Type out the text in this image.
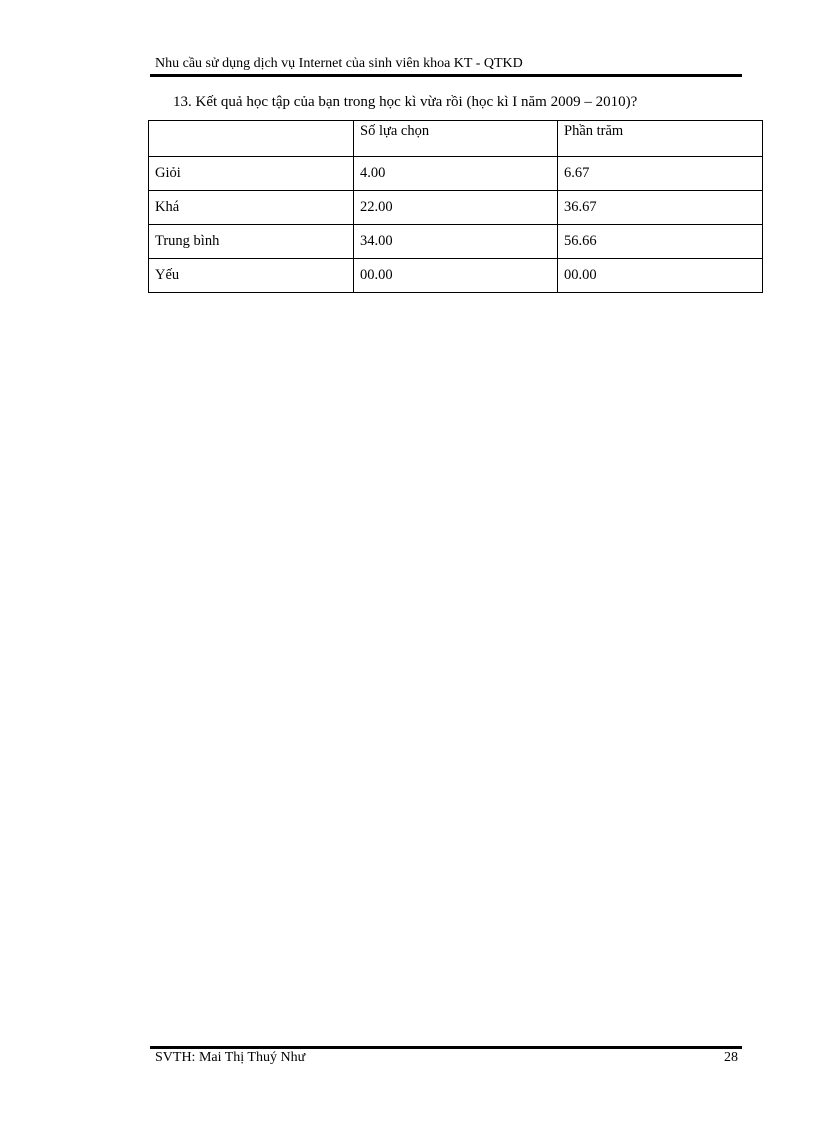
Nhu cầu sử dụng dịch vụ Internet của sinh viên khoa KT - QTKD
13. Kết quả học tập của bạn trong học kì vừa rồi (học kì I năm 2009 – 2010)?
	Số lựa chọn	Phần trăm
Giỏi	4.00	6.67
Khá	22.00	36.67
Trung bình	34.00	56.66
Yếu	00.00	00.00
SVTH: Mai Thị Thuý Như	28
